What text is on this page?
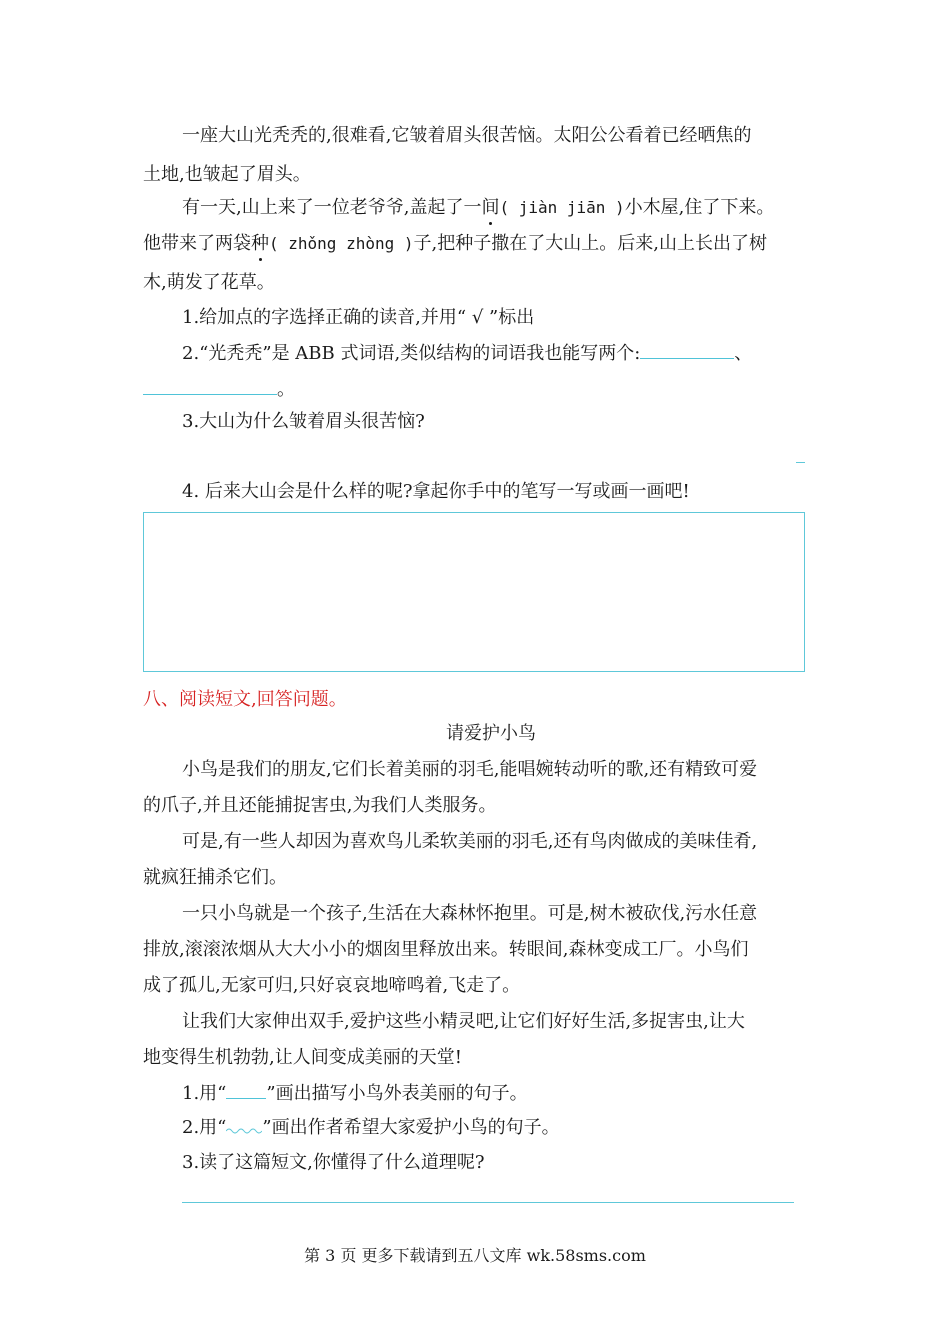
一座大山光秃秃的,很难看,它皱着眉头很苦恼。太阳公公看着已经晒焦的
土地,也皱起了眉头。
有一天,山上来了一位老爷爷,盖起了一间( jiàn jiān )小木屋,住了下来。
他带来了两袋种( zhǒng zhòng )子,把种子撒在了大山上。后来,山上长出了树
木,萌发了花草。
1.给加点的字选择正确的读音,并用“ √ ”标出
2.“光秃秃”是 ABB 式词语,类似结构的词语我也能写两个:	、
。
3.大山为什么皱着眉头很苦恼?
4. 后来大山会是什么样的呢?拿起你手中的笔写一写或画一画吧!
八、阅读短文,回答问题。
请爱护小鸟
小鸟是我们的朋友,它们长着美丽的羽毛,能唱婉转动听的歌,还有精致可爱
的爪子,并且还能捕捉害虫,为我们人类服务。
可是,有一些人却因为喜欢鸟儿柔软美丽的羽毛,还有鸟肉做成的美味佳肴,
就疯狂捕杀它们。
一只小鸟就是一个孩子,生活在大森林怀抱里。可是,树木被砍伐,污水任意
排放,滚滚浓烟从大大小小的烟囱里释放出来。转眼间,森林变成工厂。小鸟们
成了孤儿,无家可归,只好哀哀地啼鸣着,飞走了。
让我们大家伸出双手,爱护这些小精灵吧,让它们好好生活,多捉害虫,让大
地变得生机勃勃,让人间变成美丽的天堂!
1.用“ ”画出描写小鸟外表美丽的句子。
2.用“ ”画出作者希望大家爱护小鸟的句子。
3.读了这篇短文,你懂得了什么道理呢?
第 3 页 更多下载请到五八文库 wk.58sms.com
